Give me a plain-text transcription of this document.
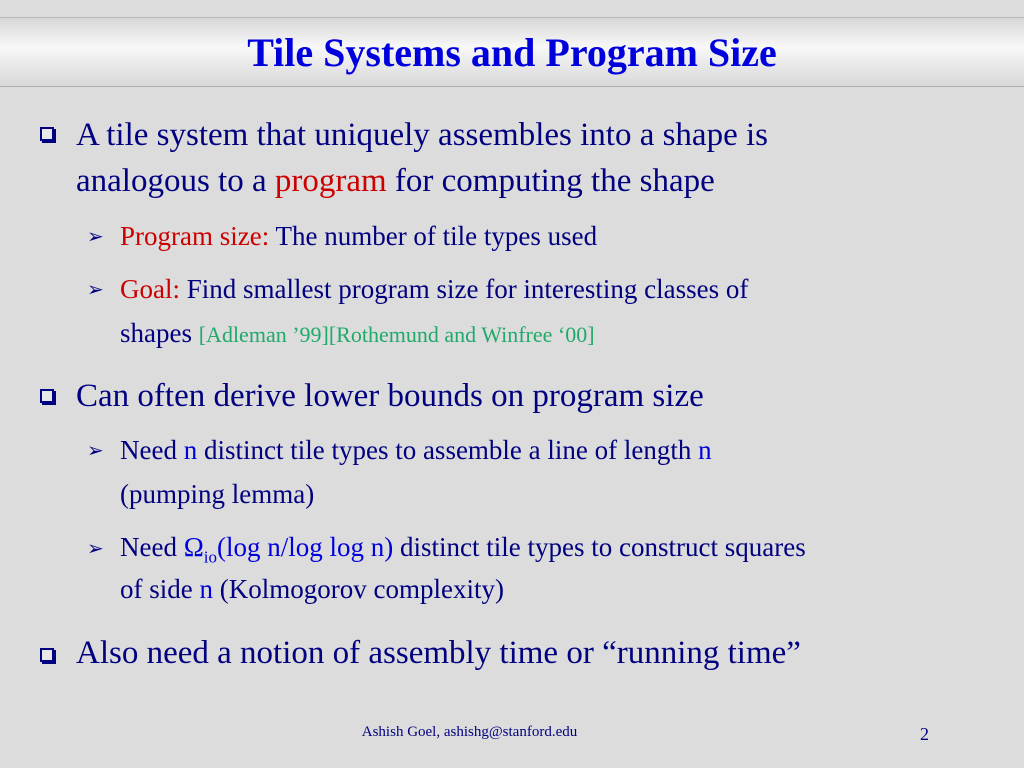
Tile Systems and Program Size
A tile system that uniquely assembles into a shape is
analogous to a program for computing the shape
➢ Program size: The number of tile types used
➢ Goal: Find smallest program size for interesting classes of
shapes [Adleman ’99][Rothemund and Winfree ‘00]
Can often derive lower bounds on program size
➢ Need n distinct tile types to assemble a line of length n
(pumping lemma)
➢ Need $\Omega_{io}(\log$ n/log log n) distinct tile types to construct squares
of side n (Kolmogorov complexity)
Also need a notion of assembly time or “running time”
Ashish Goel, ashishg@stanford.edu	2
